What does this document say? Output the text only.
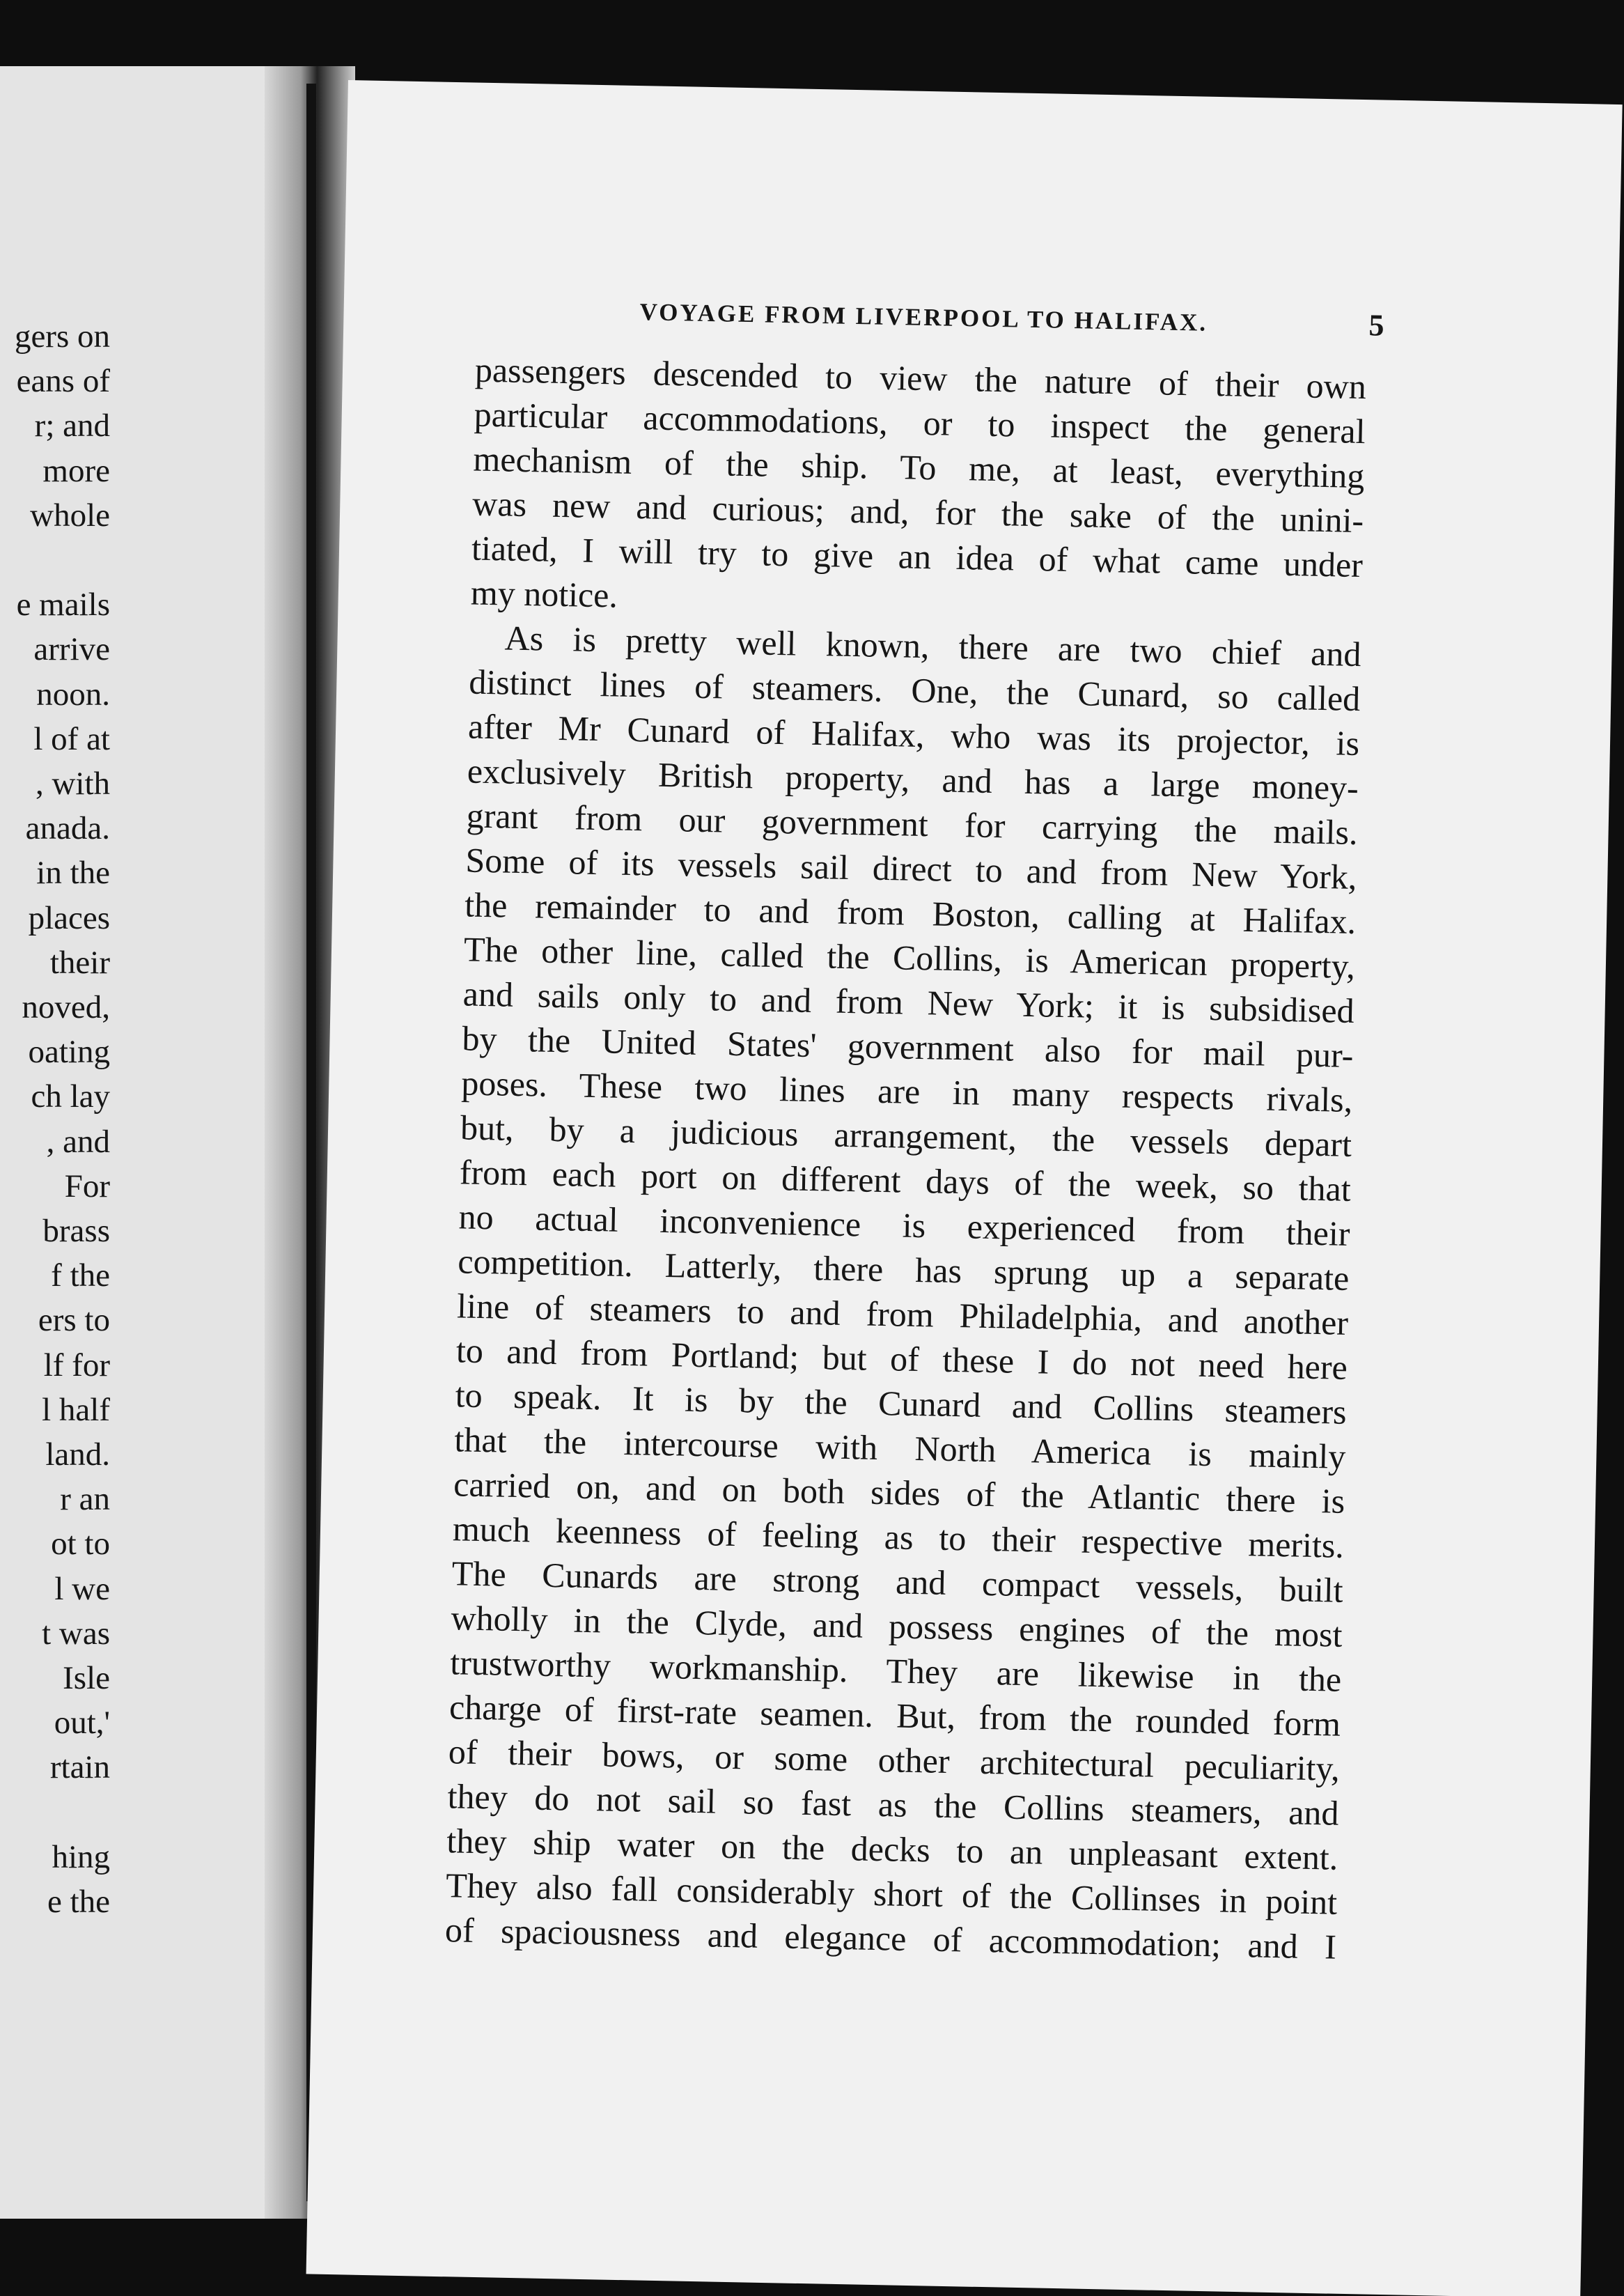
gers on
eans of
r; and
more
whole
e mails
arrive
noon.
l of at
, with
anada.
in the
places
their
noved,
oating
ch lay
, and
For
brass
f the
ers to
lf for
l half
land.
r an
ot to
l we
t was
Isle
out,'
rtain
hing
e the
VOYAGE FROM LIVERPOOL TO HALIFAX.	5
passengers descended to view the nature of their own
particular accommodations, or to inspect the general
mechanism of the ship. To me, at least, everything
was new and curious; and, for the sake of the unini-
tiated, I will try to give an idea of what came under
my notice.
As is pretty well known, there are two chief and
distinct lines of steamers. One, the Cunard, so called
after Mr Cunard of Halifax, who was its projector, is
exclusively British property, and has a large money-
grant from our government for carrying the mails.
Some of its vessels sail direct to and from New York,
the remainder to and from Boston, calling at Halifax.
The other line, called the Collins, is American property,
and sails only to and from New York; it is subsidised
by the United States' government also for mail pur-
poses. These two lines are in many respects rivals,
but, by a judicious arrangement, the vessels depart
from each port on different days of the week, so that
no actual inconvenience is experienced from their
competition. Latterly, there has sprung up a separate
line of steamers to and from Philadelphia, and another
to and from Portland; but of these I do not need here
to speak. It is by the Cunard and Collins steamers
that the intercourse with North America is mainly
carried on, and on both sides of the Atlantic there is
much keenness of feeling as to their respective merits.
The Cunards are strong and compact vessels, built
wholly in the Clyde, and possess engines of the most
trustworthy workmanship. They are likewise in the
charge of first-rate seamen. But, from the rounded form
of their bows, or some other architectural peculiarity,
they do not sail so fast as the Collins steamers, and
they ship water on the decks to an unpleasant extent.
They also fall considerably short of the Collinses in point
of spaciousness and elegance of accommodation; and I
